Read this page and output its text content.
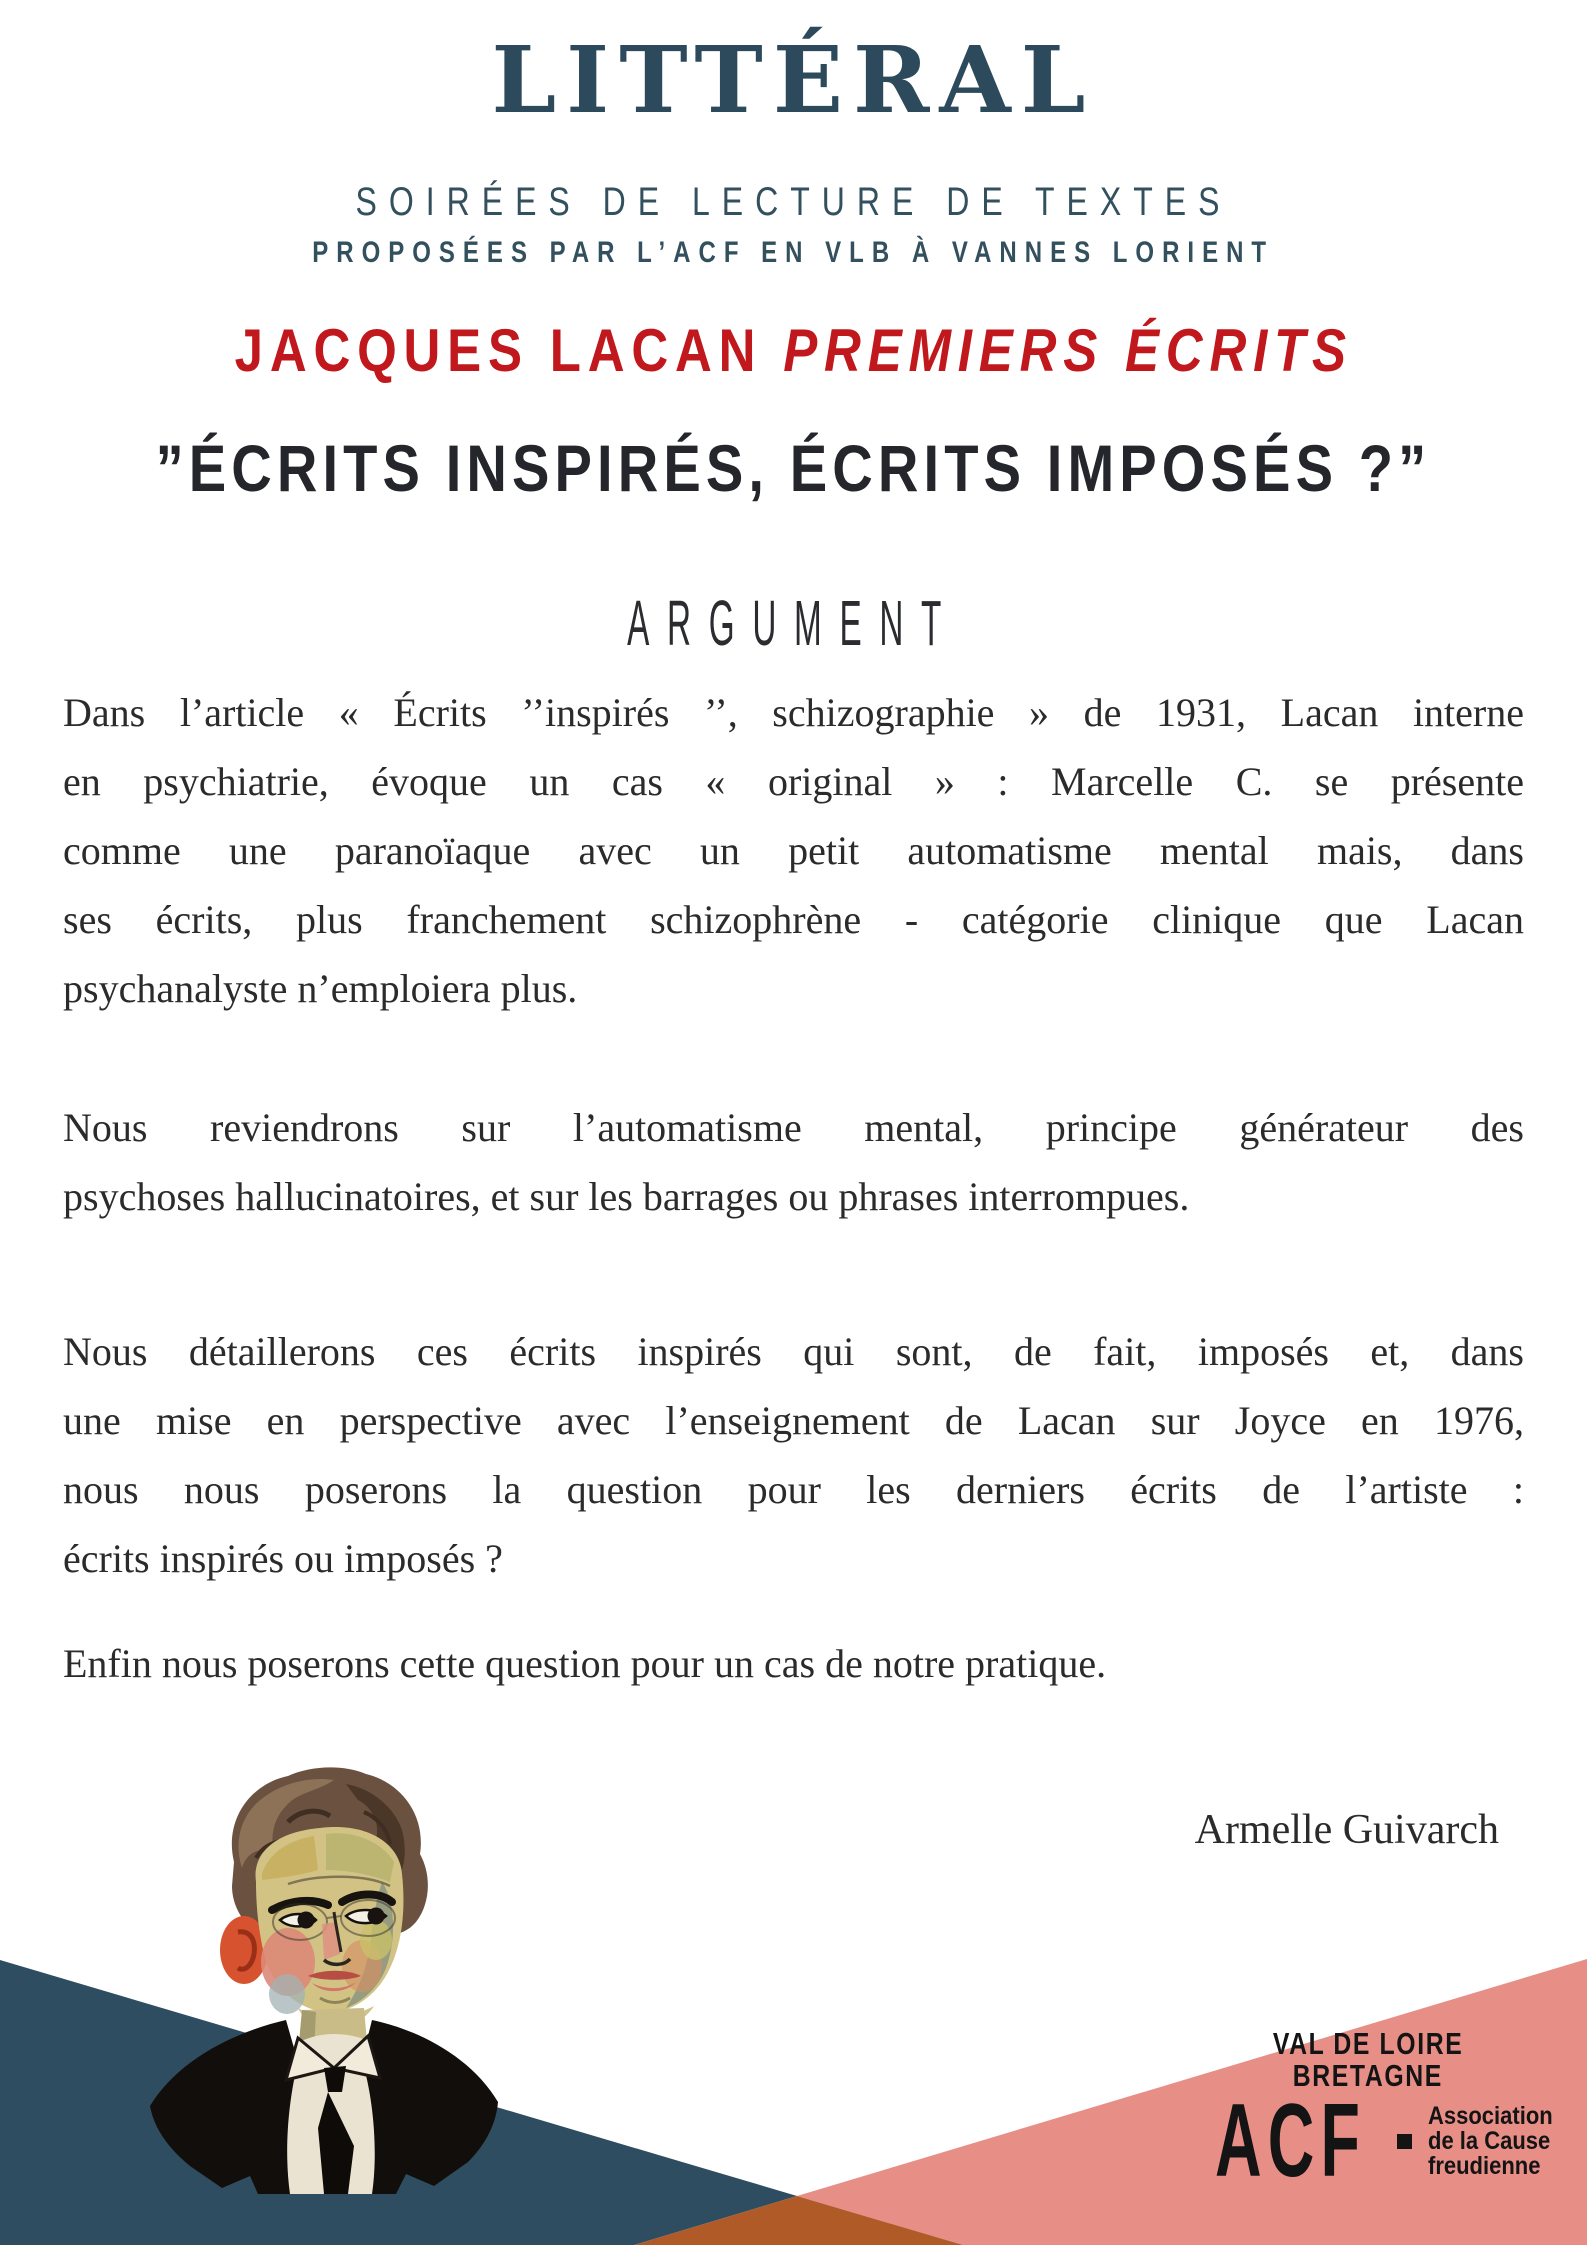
LITTÉRAL
SOIRÉES DE LECTURE DE TEXTES
PROPOSÉES PAR L’ACF EN VLB À VANNES LORIENT
JACQUES LACAN PREMIERS ÉCRITS
”ÉCRITS INSPIRÉS, ÉCRITS IMPOSÉS ?”
ARGUMENT
Dans l’article « Écrits ’’inspirés ’’, schizographie » de 1931, Lacan interne
en psychiatrie, évoque un cas « original » : Marcelle C. se présente
comme une paranoïaque avec un petit automatisme mental mais, dans
ses écrits, plus franchement schizophrène - catégorie clinique que Lacan
psychanalyste n’emploiera plus.
Nous reviendrons sur l’automatisme mental, principe générateur des
psychoses hallucinatoires, et sur les barrages ou phrases interrompues.
Nous détaillerons ces écrits inspirés qui sont, de fait, imposés et, dans
une mise en perspective avec l’enseignement de Lacan sur Joyce en 1976,
nous nous poserons la question pour les derniers écrits de l’artiste :
écrits inspirés ou imposés ?
Enfin nous poserons cette question pour un cas de notre pratique.
Armelle Guivarch
VAL DE LOIRE
BRETAGNE
ACF Association
de la Cause
freudienne
